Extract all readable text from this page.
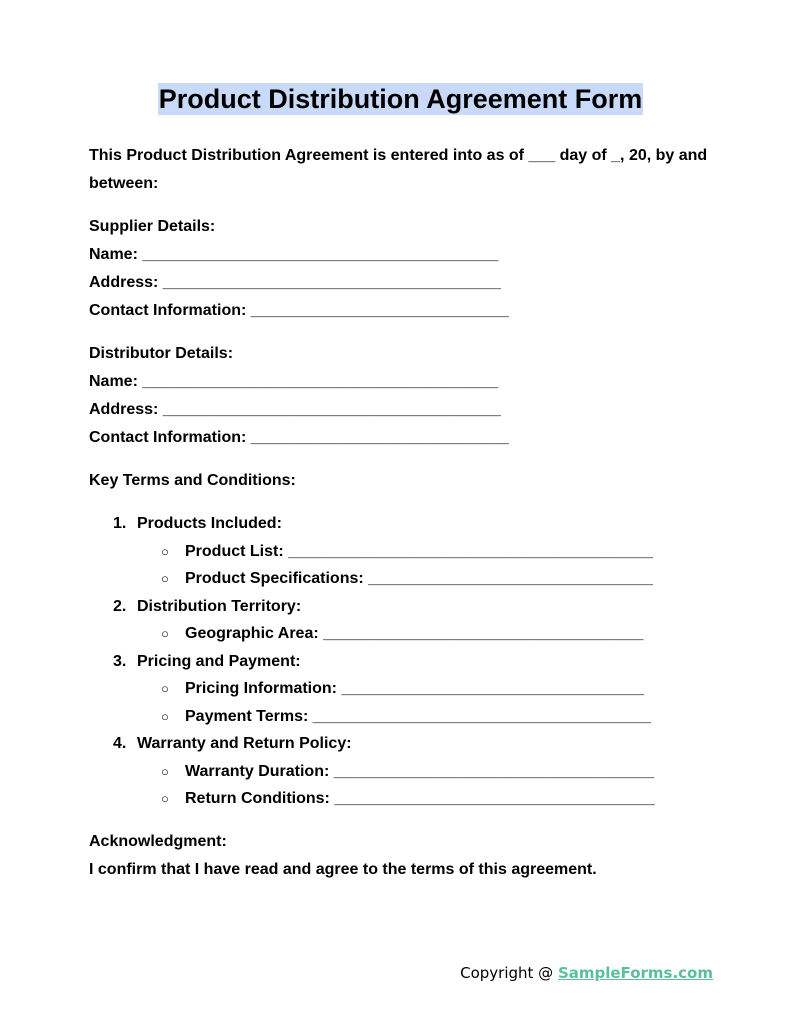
Product Distribution Agreement Form

This Product Distribution Agreement is entered into as of ___ day of _, 20, by and between:

Supplier Details:

Name: ________________________________________

Address: ______________________________________

Contact Information: _____________________________

Distributor Details:

Name: ________________________________________

Address: ______________________________________

Contact Information: _____________________________

Key Terms and Conditions:

1. Products Included:
○	Product List: _________________________________________
○	Product Specifications: ________________________________
2. Distribution Territory:
○	Geographic Area: ____________________________________
3. Pricing and Payment:
○	Pricing Information: __________________________________
○	Payment Terms: ______________________________________
4. Warranty and Return Policy:
○	Warranty Duration: ____________________________________
○	Return Conditions: ____________________________________

Acknowledgment:

I confirm that I have read and agree to the terms of this agreement.

Copyright @ SampleForms.com
